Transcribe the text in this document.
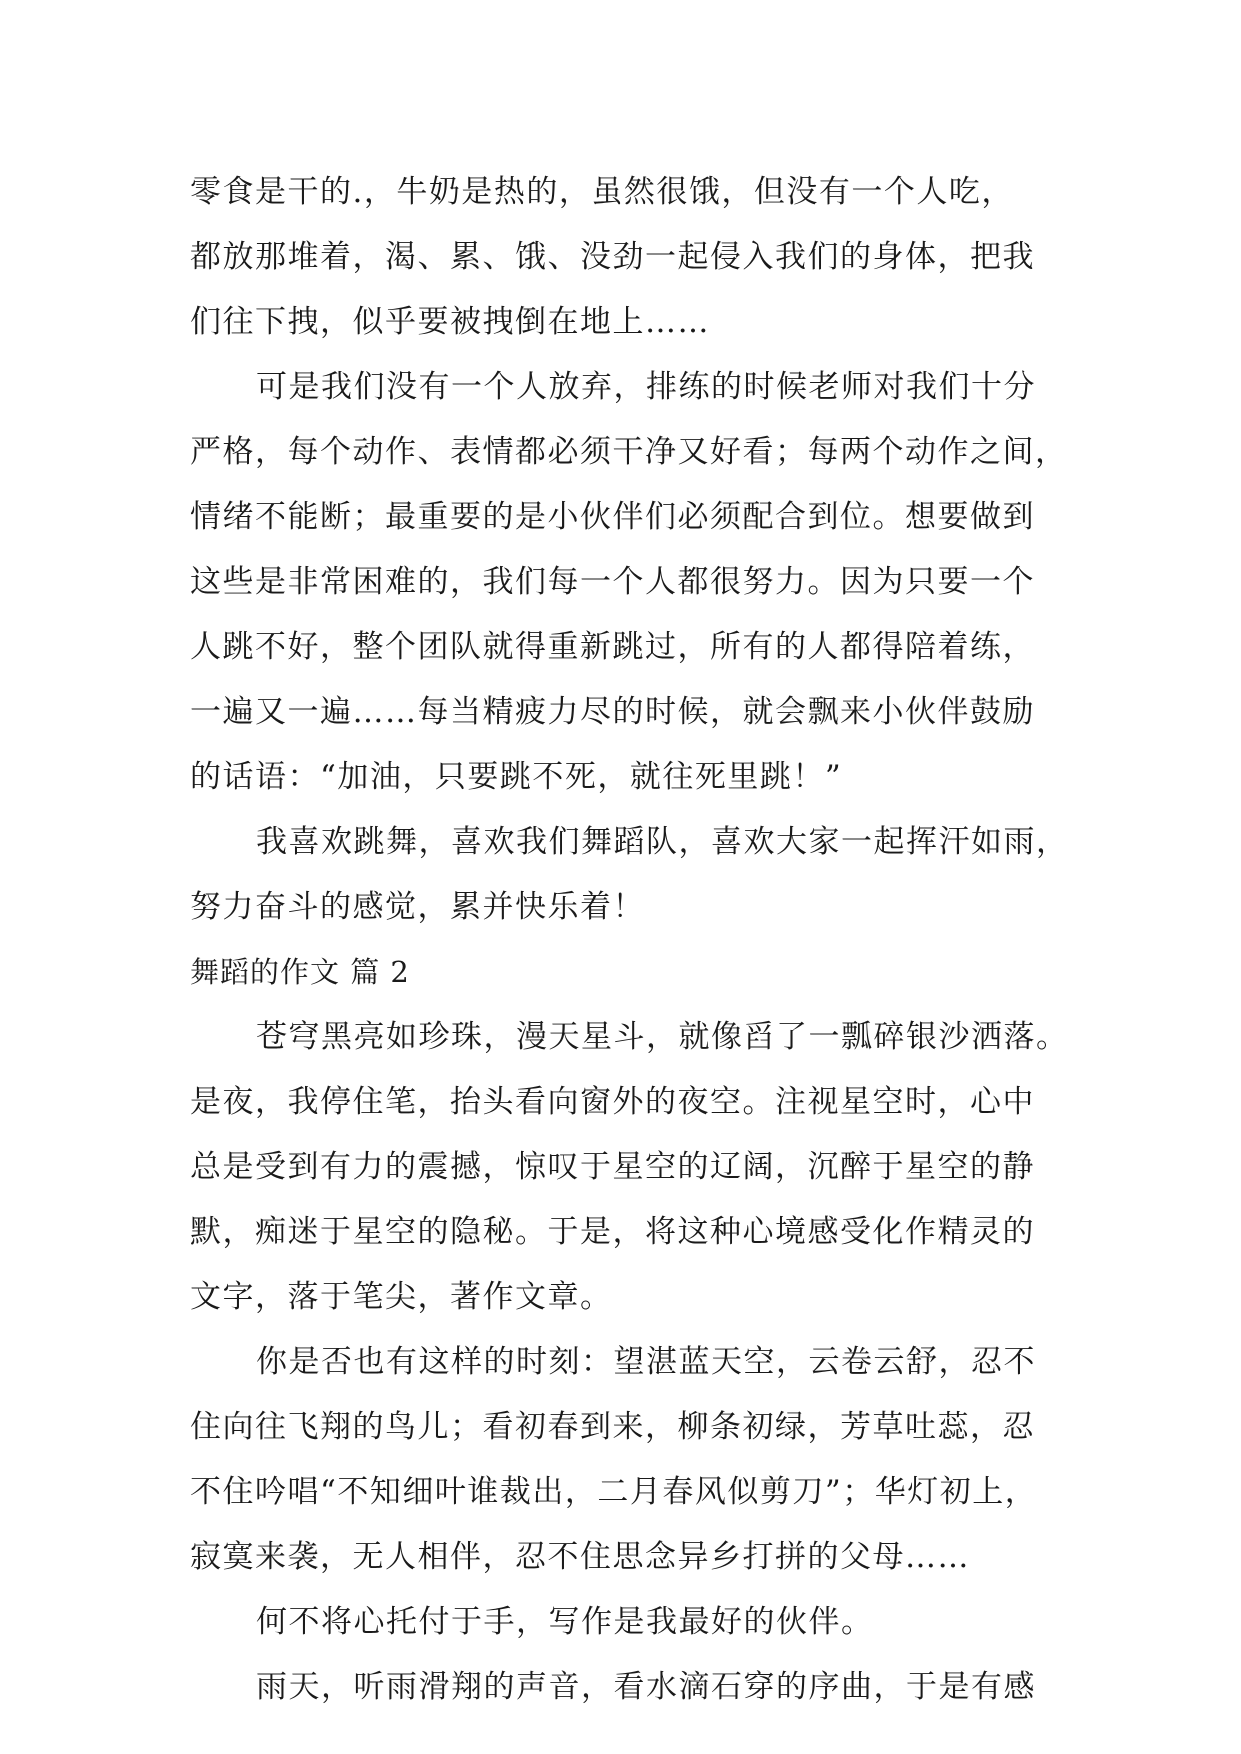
零食是干的.，牛奶是热的，虽然很饿，但没有一个人吃，
都放那堆着，渴、累、饿、没劲一起侵入我们的身体，把我
们往下拽，似乎要被拽倒在地上……
可是我们没有一个人放弃，排练的时候老师对我们十分
严格，每个动作、表情都必须干净又好看；每两个动作之间，
情绪不能断；最重要的是小伙伴们必须配合到位。想要做到
这些是非常困难的，我们每一个人都很努力。因为只要一个
人跳不好，整个团队就得重新跳过，所有的人都得陪着练，
一遍又一遍……每当精疲力尽的时候，就会飘来小伙伴鼓励
的话语：“加油，只要跳不死，就往死里跳！”
我喜欢跳舞，喜欢我们舞蹈队，喜欢大家一起挥汗如雨，
努力奋斗的感觉，累并快乐着！
舞蹈的作文 篇 2
苍穹黑亮如珍珠，漫天星斗，就像舀了一瓢碎银沙洒落。
是夜，我停住笔，抬头看向窗外的夜空。注视星空时，心中
总是受到有力的震撼，惊叹于星空的辽阔，沉醉于星空的静
默，痴迷于星空的隐秘。于是，将这种心境感受化作精灵的
文字，落于笔尖，著作文章。
你是否也有这样的时刻：望湛蓝天空，云卷云舒，忍不
住向往飞翔的鸟儿；看初春到来，柳条初绿，芳草吐蕊，忍
不住吟唱“不知细叶谁裁出，二月春风似剪刀”；华灯初上，
寂寞来袭，无人相伴，忍不住思念异乡打拼的父母……
何不将心托付于手，写作是我最好的伙伴。
雨天，听雨滑翔的声音，看水滴石穿的序曲，于是有感
